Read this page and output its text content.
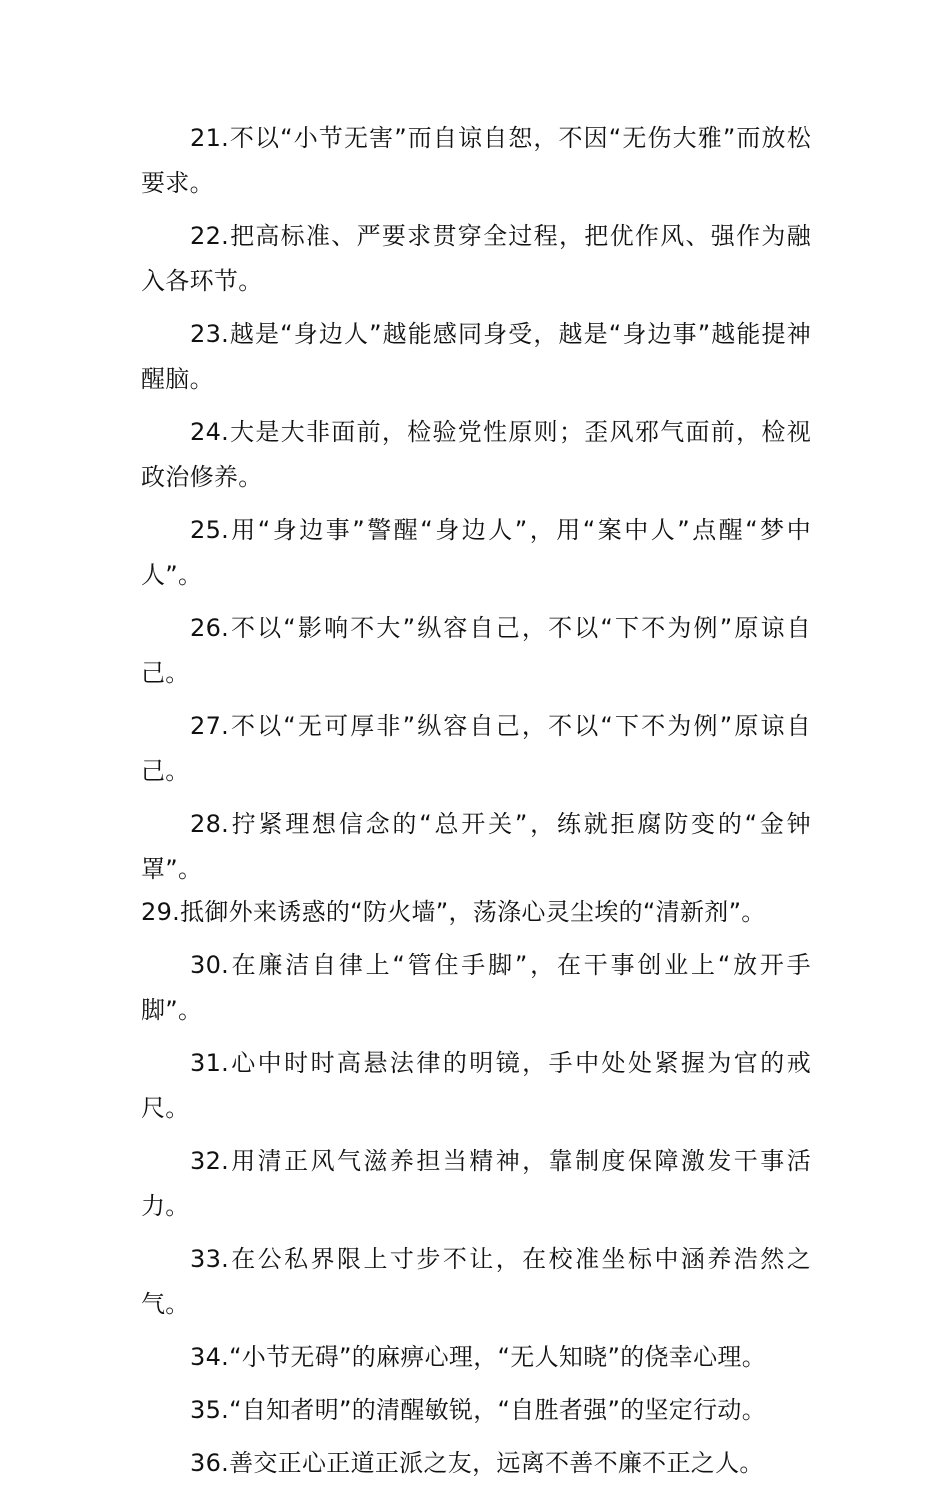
21.不以“小节无害”而自谅自恕，不因“无伤大雅”而放松要求。

22.把高标准、严要求贯穿全过程，把优作风、强作为融入各环节。

23.越是“身边人”越能感同身受，越是“身边事”越能提神醒脑。

24.大是大非面前，检验党性原则；歪风邪气面前，检视政治修养。

25.用“身边事”警醒“身边人”，用“案中人”点醒“梦中人”。

26.不以“影响不大”纵容自己，不以“下不为例”原谅自己。

27.不以“无可厚非”纵容自己，不以“下不为例”原谅自己。

28.拧紧理想信念的“总开关”，练就拒腐防变的“金钟罩”。

29.抵御外来诱惑的“防火墙”，荡涤心灵尘埃的“清新剂”。

30.在廉洁自律上“管住手脚”，在干事创业上“放开手脚”。

31.心中时时高悬法律的明镜，手中处处紧握为官的戒尺。

32.用清正风气滋养担当精神，靠制度保障激发干事活力。

33.在公私界限上寸步不让，在校准坐标中涵养浩然之气。

34.“小节无碍”的麻痹心理，“无人知晓”的侥幸心理。

35.“自知者明”的清醒敏锐，“自胜者强”的坚定行动。

36.善交正心正道正派之友，远离不善不廉不正之人。
